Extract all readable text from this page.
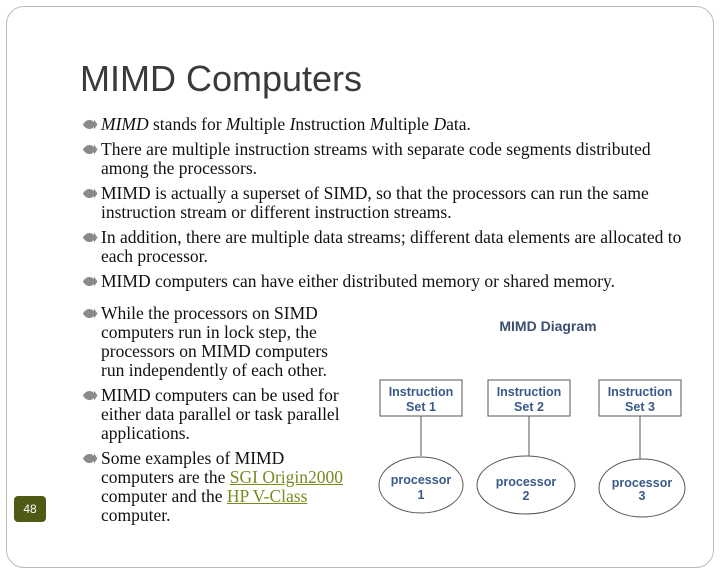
MIMD Computers
MIMD stands for Multiple Instruction Multiple Data.
There are multiple instruction streams with separate code segments distributed among the processors.
MIMD is actually a superset of SIMD, so that the processors can run the same instruction stream or different instruction streams.
In addition, there are multiple data streams; different data elements are allocated to each processor.
MIMD computers can have either distributed memory or shared memory.
While the processors on SIMD computers run in lock step, the processors on MIMD computers run independently of each other.
MIMD computers can be used for either data parallel or task parallel applications.
Some examples of MIMD computers are the SGI Origin2000 computer and the HP V-Class computer.
MIMD Diagram
Instruction
Set 1
Instruction
Set 2
Instruction
Set 3
processor
1
processor
2
processor
3
48
